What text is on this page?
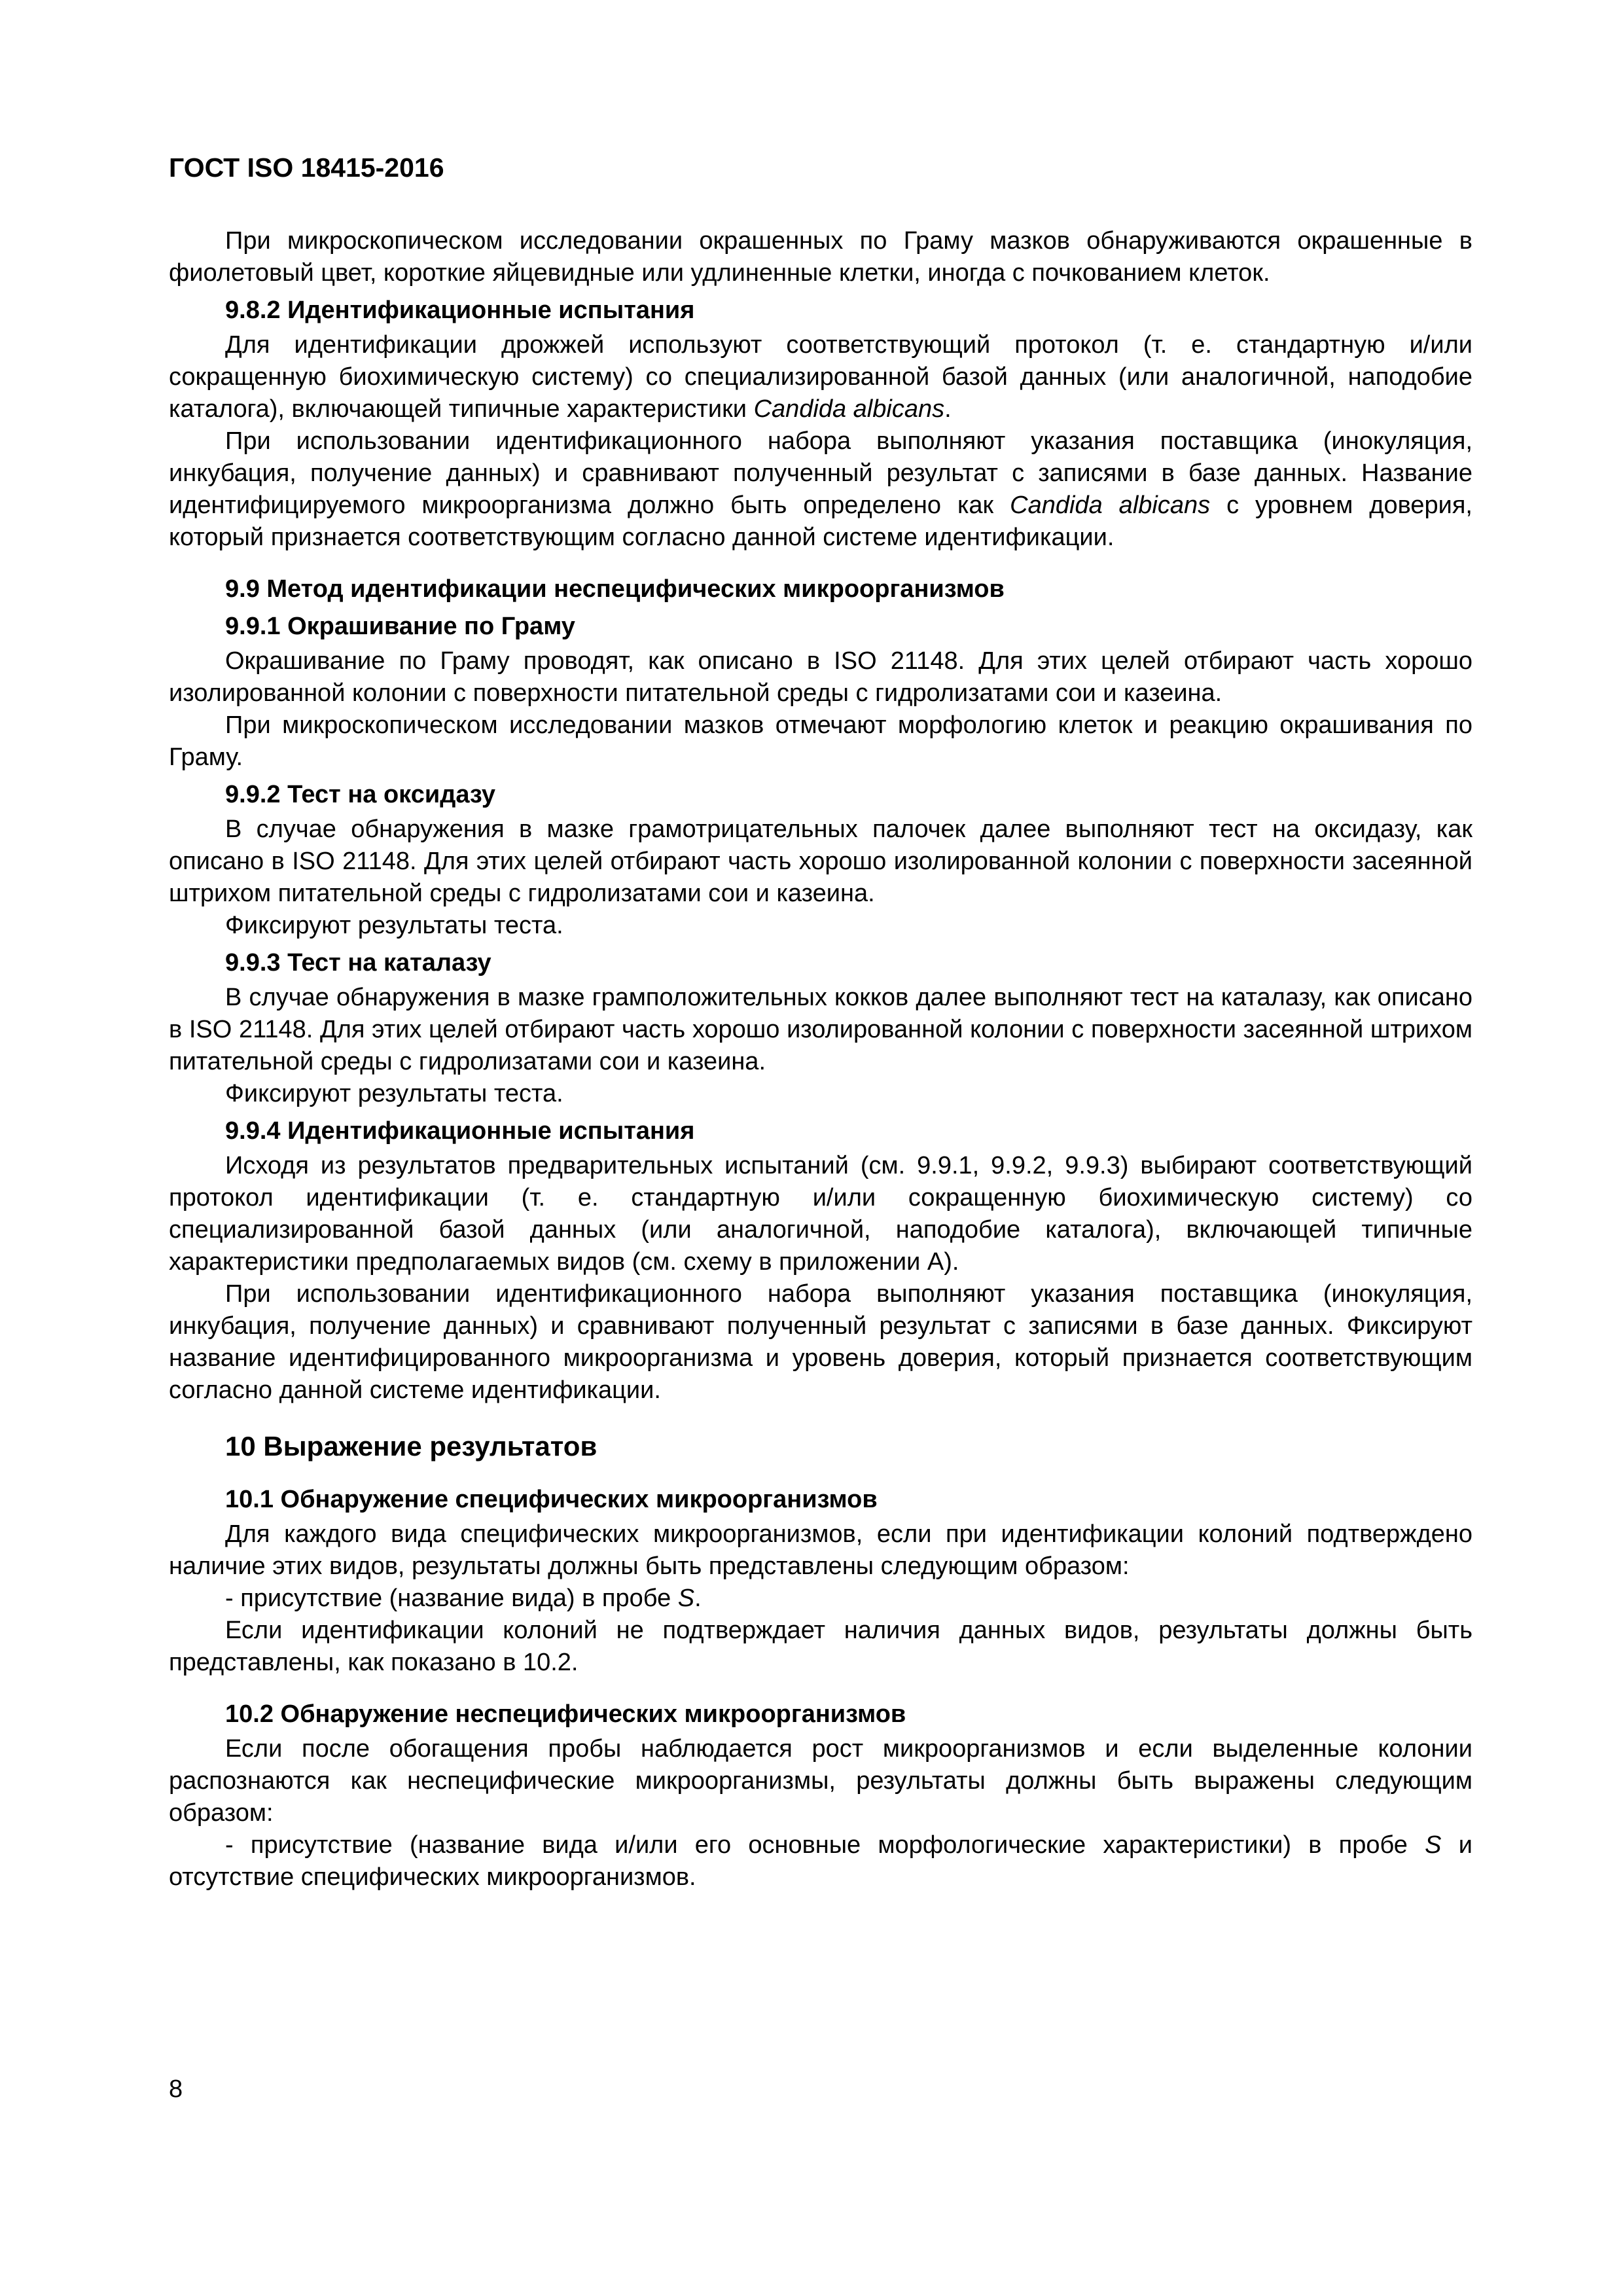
ГОСТ ISO 18415-2016

При микроскопическом исследовании окрашенных по Граму мазков обнаруживаются окрашенные в фиолетовый цвет, короткие яйцевидные или удлиненные клетки, иногда с почкованием клеток.

9.8.2 Идентификационные испытания

Для идентификации дрожжей используют соответствующий протокол (т. е. стандартную и/или сокращенную биохимическую систему) со специализированной базой данных (или аналогичной, наподобие каталога), включающей типичные характеристики Candida albicans.

При использовании идентификационного набора выполняют указания поставщика (инокуляция, инкубация, получение данных) и сравнивают полученный результат с записями в базе данных. Название идентифицируемого микроорганизма должно быть определено как Candida albicans с уровнем доверия, который признается соответствующим согласно данной системе идентификации.

9.9 Метод идентификации неспецифических микроорганизмов
9.9.1 Окрашивание по Граму

Окрашивание по Граму проводят, как описано в ISO 21148. Для этих целей отбирают часть хорошо изолированной колонии с поверхности питательной среды с гидролизатами сои и казеина.

При микроскопическом исследовании мазков отмечают морфологию клеток и реакцию окрашивания по Граму.

9.9.2 Тест на оксидазу

В случае обнаружения в мазке грамотрицательных палочек далее выполняют тест на оксидазу, как описано в ISO 21148. Для этих целей отбирают часть хорошо изолированной колонии с поверхности засеянной штрихом питательной среды с гидролизатами сои и казеина.

Фиксируют результаты теста.

9.9.3 Тест на каталазу

В случае обнаружения в мазке грамположительных кокков далее выполняют тест на каталазу, как описано в ISO 21148. Для этих целей отбирают часть хорошо изолированной колонии с поверхности засеянной штрихом питательной среды с гидролизатами сои и казеина.

Фиксируют результаты теста.

9.9.4 Идентификационные испытания

Исходя из результатов предварительных испытаний (см. 9.9.1, 9.9.2, 9.9.3) выбирают соответствующий протокол идентификации (т. е. стандартную и/или сокращенную биохимическую систему) со специализированной базой данных (или аналогичной, наподобие каталога), включающей типичные характеристики предполагаемых видов (см. схему в приложении А).

При использовании идентификационного набора выполняют указания поставщика (инокуляция, инкубация, получение данных) и сравнивают полученный результат с записями в базе данных. Фиксируют название идентифицированного микроорганизма и уровень доверия, который признается соответствующим согласно данной системе идентификации.

10 Выражение результатов
10.1 Обнаружение специфических микроорганизмов

Для каждого вида специфических микроорганизмов, если при идентификации колоний подтверждено наличие этих видов, результаты должны быть представлены следующим образом:

- присутствие (название вида) в пробе S.

Если идентификации колоний не подтверждает наличия данных видов, результаты должны быть представлены, как показано в 10.2.

10.2 Обнаружение неспецифических микроорганизмов

Если после обогащения пробы наблюдается рост микроорганизмов и если выделенные колонии распознаются как неспецифические микроорганизмы, результаты должны быть выражены следующим образом:

- присутствие (название вида и/или его основные морфологические характеристики) в пробе S и отсутствие специфических микроорганизмов.

8
